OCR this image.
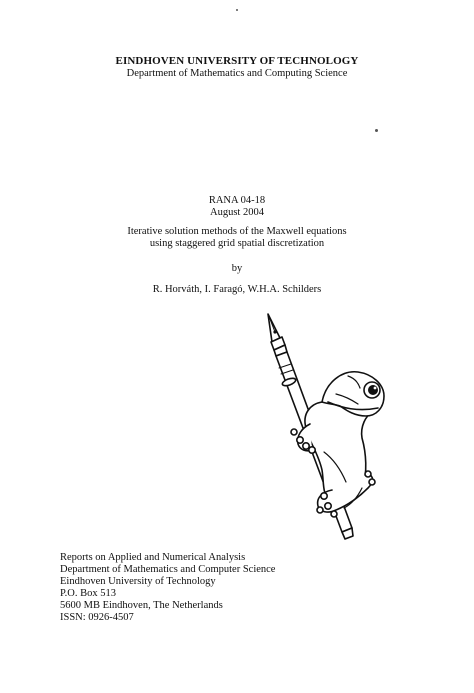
EINDHOVEN UNIVERSITY OF TECHNOLOGY
Department of Mathematics and Computing Science
RANA 04-18
August 2004
Iterative solution methods of the Maxwell equations
using staggered grid spatial discretization
by
R. Horváth, I. Faragó, W.H.A. Schilders
Reports on Applied and Numerical Analysis
Department of Mathematics and Computer Science
Eindhoven University of Technology
P.O. Box 513
5600 MB Eindhoven, The Netherlands
ISSN: 0926-4507
